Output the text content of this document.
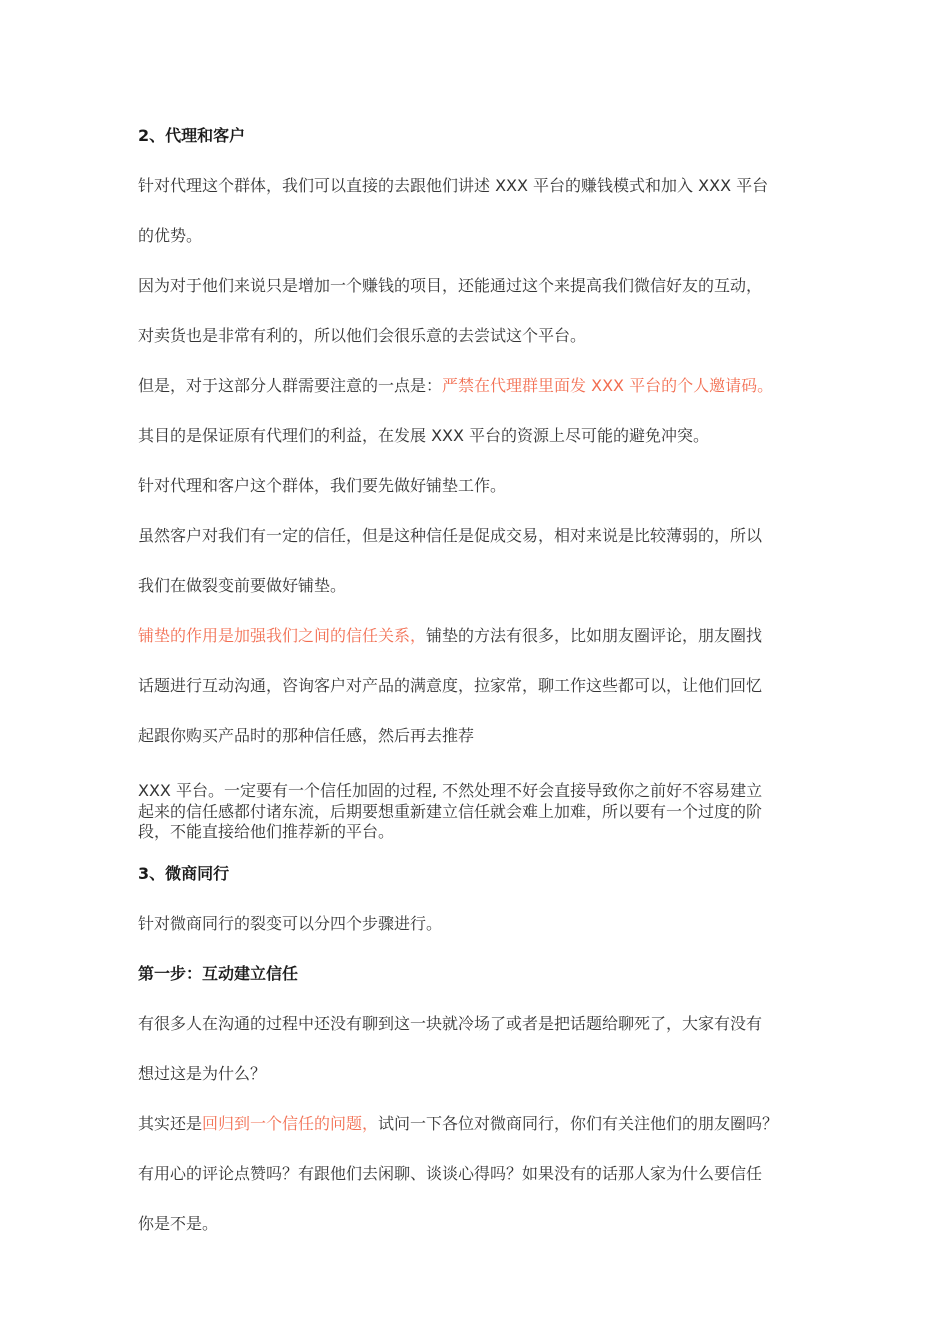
2、代理和客户
针对代理这个群体，我们可以直接的去跟他们讲述 XXX 平台的赚钱模式和加入 XXX 平台
的优势。
因为对于他们来说只是增加一个赚钱的项目，还能通过这个来提高我们微信好友的互动，
对卖货也是非常有利的，所以他们会很乐意的去尝试这个平台。
但是，对于这部分人群需要注意的一点是：严禁在代理群里面发 XXX 平台的个人邀请码。
其目的是保证原有代理们的利益，在发展 XXX 平台的资源上尽可能的避免冲突。
针对代理和客户这个群体，我们要先做好铺垫工作。
虽然客户对我们有一定的信任，但是这种信任是促成交易，相对来说是比较薄弱的，所以
我们在做裂变前要做好铺垫。
铺垫的作用是加强我们之间的信任关系，铺垫的方法有很多，比如朋友圈评论，朋友圈找
话题进行互动沟通，咨询客户对产品的满意度，拉家常，聊工作这些都可以，让他们回忆
起跟你购买产品时的那种信任感，然后再去推荐
XXX 平台。一定要有一个信任加固的过程, 不然处理不好会直接导致你之前好不容易建立
起来的信任感都付诸东流，后期要想重新建立信任就会难上加难，所以要有一个过度的阶
段，不能直接给他们推荐新的平台。
3、微商同行
针对微商同行的裂变可以分四个步骤进行。
第一步：互动建立信任
有很多人在沟通的过程中还没有聊到这一块就冷场了或者是把话题给聊死了，大家有没有
想过这是为什么？
其实还是回归到一个信任的问题，试问一下各位对微商同行，你们有关注他们的朋友圈吗？
有用心的评论点赞吗？有跟他们去闲聊、谈谈心得吗？如果没有的话那人家为什么要信任
你是不是。
